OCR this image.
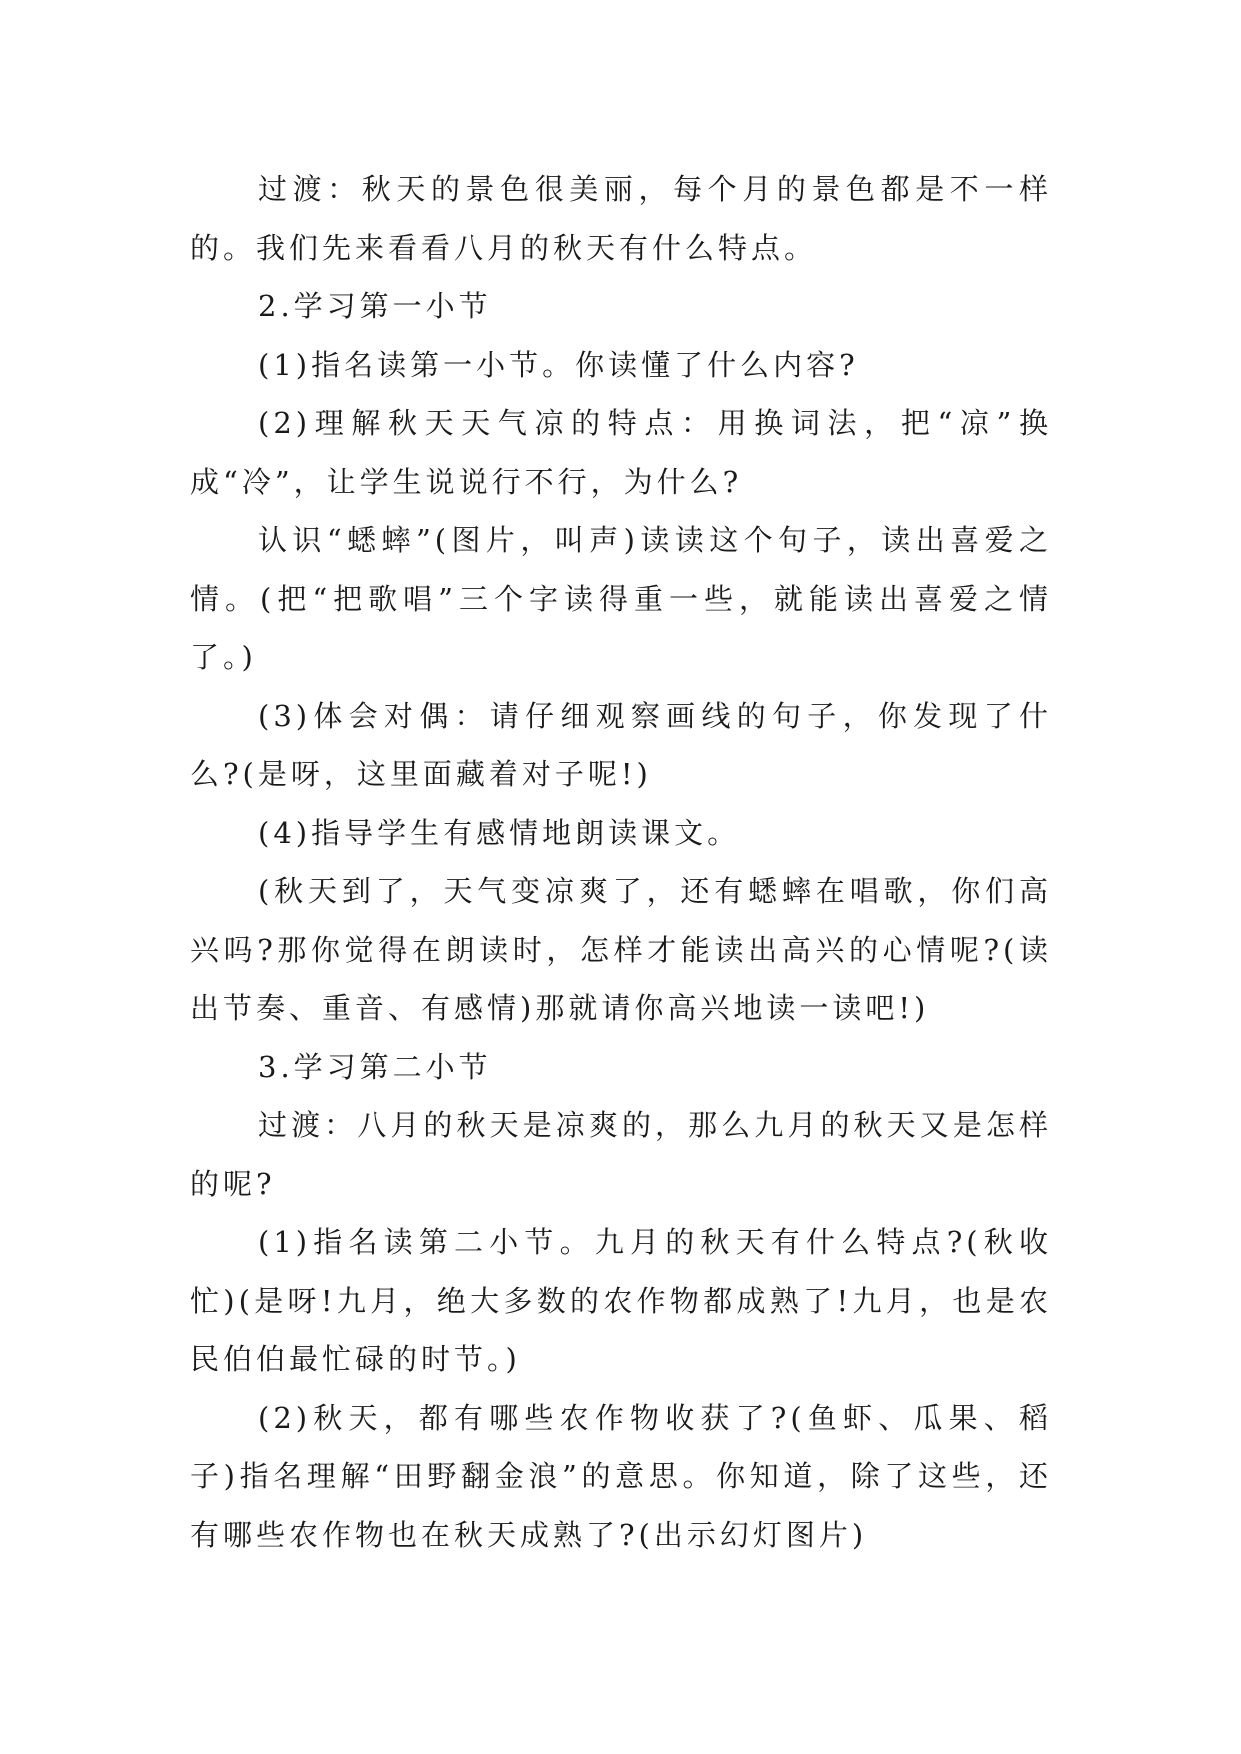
过渡：秋天的景色很美丽，每个月的景色都是不一样的。我们先来看看八月的秋天有什么特点。

2.学习第一小节

(1)指名读第一小节。你读懂了什么内容?

(2)理解秋天天气凉的特点：用换词法，把“凉”换成“冷”，让学生说说行不行，为什么?

认识“蟋蟀”(图片，叫声)读读这个句子，读出喜爱之情。(把“把歌唱”三个字读得重一些，就能读出喜爱之情了。)

(3)体会对偶：请仔细观察画线的句子，你发现了什么?(是呀，这里面藏着对子呢!)

(4)指导学生有感情地朗读课文。

(秋天到了，天气变凉爽了，还有蟋蟀在唱歌，你们高兴吗?那你觉得在朗读时，怎样才能读出高兴的心情呢?(读出节奏、重音、有感情)那就请你高兴地读一读吧!)

3.学习第二小节

过渡：八月的秋天是凉爽的，那么九月的秋天又是怎样的呢?

(1)指名读第二小节。九月的秋天有什么特点?(秋收忙)(是呀!九月，绝大多数的农作物都成熟了!九月，也是农民伯伯最忙碌的时节。)

(2)秋天，都有哪些农作物收获了?(鱼虾、瓜果、稻子)指名理解“田野翻金浪”的意思。你知道，除了这些，还有哪些农作物也在秋天成熟了?(出示幻灯图片)
